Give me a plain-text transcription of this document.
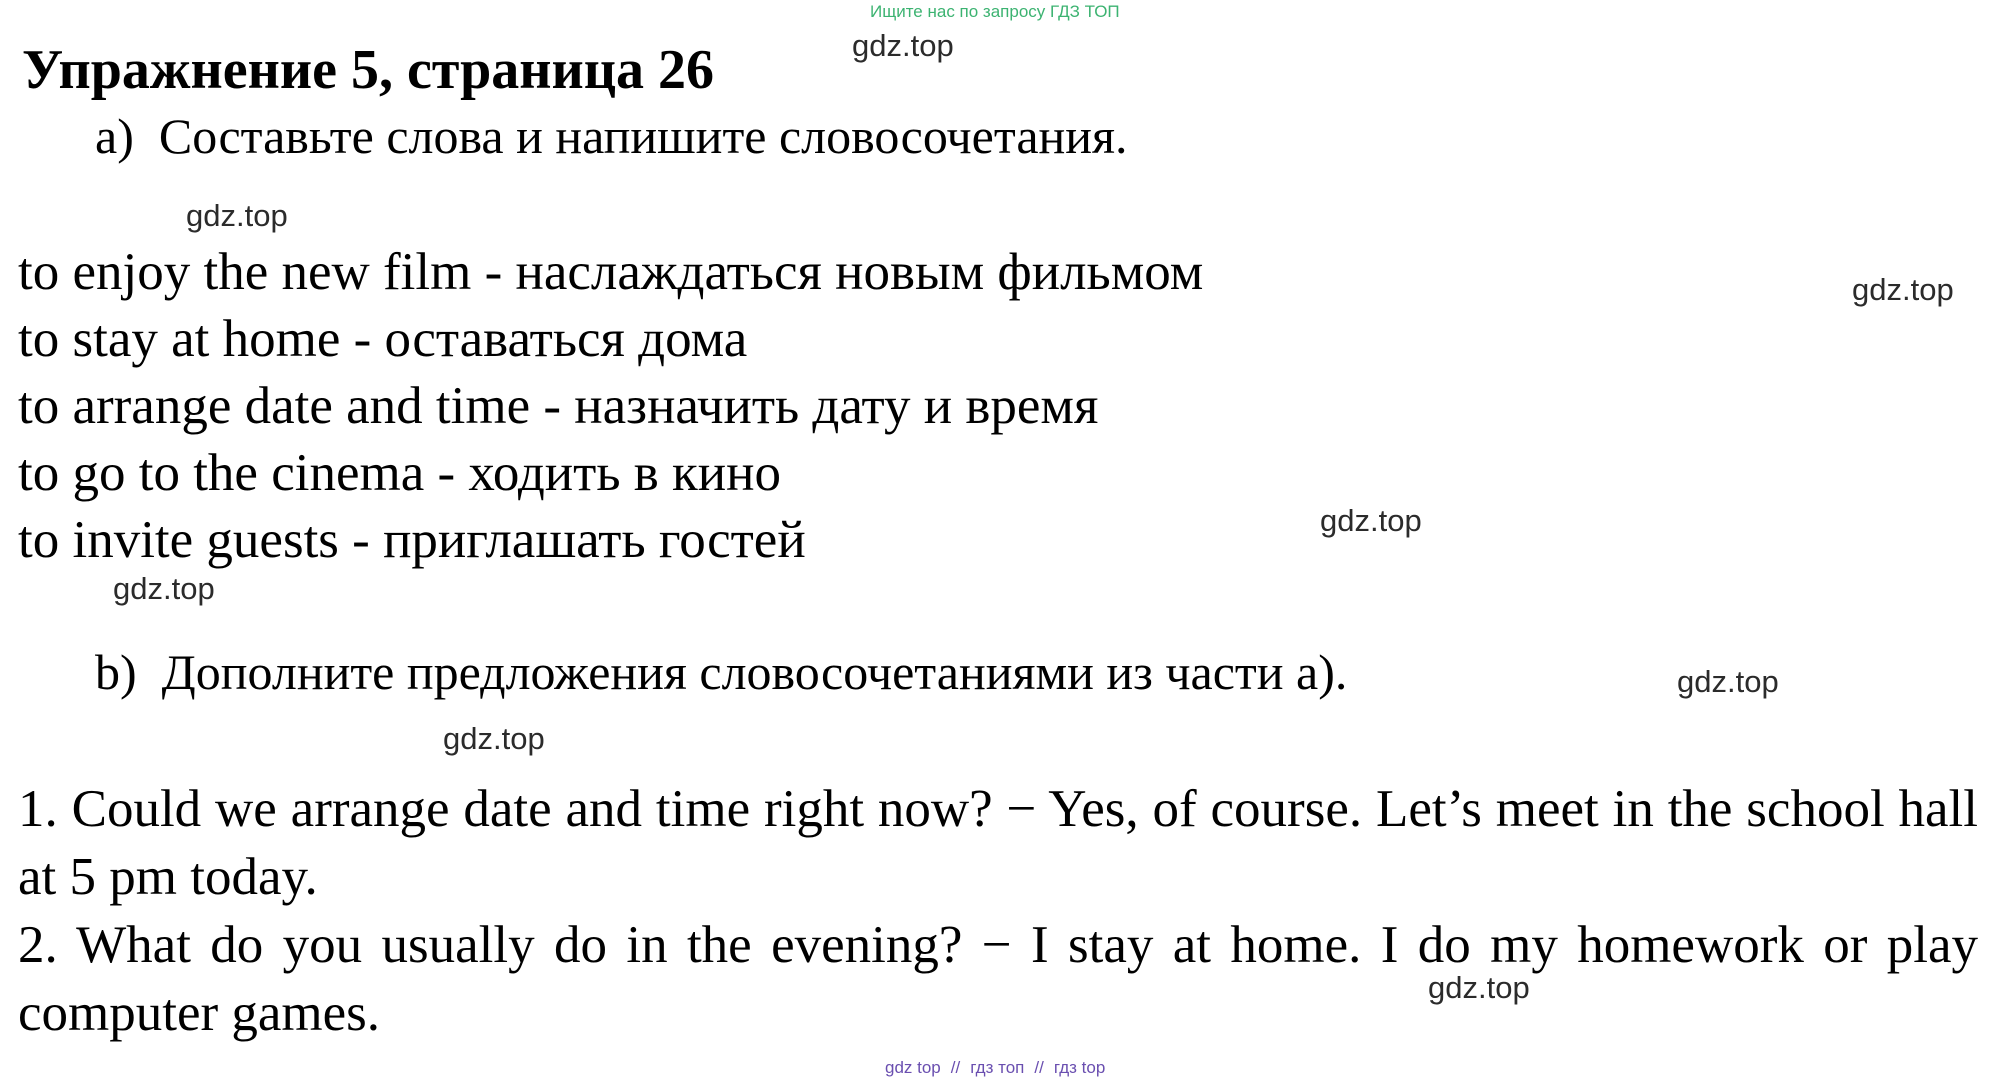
Ищите нас по запросу ГДЗ ТОП
gdz.top
Упражнение 5, страница 26
a) Составьте слова и напишите словосочетания.
gdz.top
gdz.top
to enjoy the new film - наслаждаться новым фильмом
to stay at home - оставаться дома
to arrange date and time - назначить дату и время
to go to the cinema - ходить в кино
to invite guests - приглашать гостей	gdz.top
gdz.top
b) Дополните предложения словосочетаниями из части а).	gdz.top
gdz.top

1. Could we arrange date and time right now? − Yes, of course. Let’s meet in the school hall at 5 pm today.

2. What do you usually do in the evening? − I stay at home. I do my homework or play computer games.	gdz.top
gdz top // гдз топ // гдз top
